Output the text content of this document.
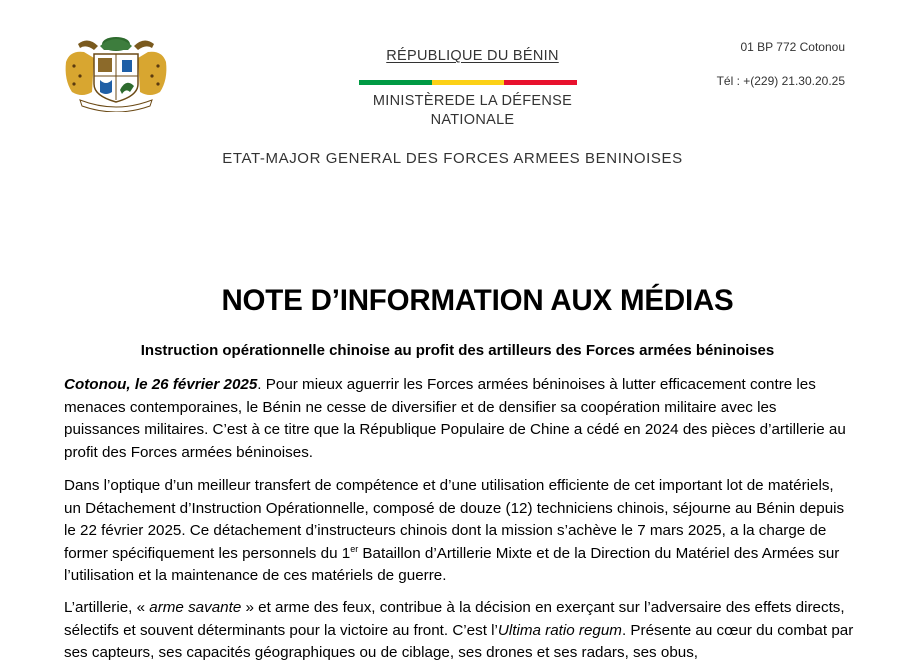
RÉPUBLIQUE DU BÉNIN
MINISTÈREDE LA DÉFENSE
NATIONALE
ETAT-MAJOR GENERAL DES FORCES ARMEES BENINOISES
01 BP 772 Cotonou
Tél : +(229) 21.30.20.25
NOTE D’INFORMATION AUX MÉDIAS
Instruction opérationnelle chinoise au profit des artilleurs des Forces armées béninoises

Cotonou, le 26 février 2025. Pour mieux aguerrir les Forces armées béninoises à lutter efficacement contre les menaces contemporaines, le Bénin ne cesse de diversifier et de densifier sa coopération militaire avec les puissances militaires. C’est à ce titre que la République Populaire de Chine a cédé en 2024 des pièces d’artillerie au profit des Forces armées béninoises.

Dans l’optique d’un meilleur transfert de compétence et d’une utilisation efficiente de cet important lot de matériels, un Détachement d’Instruction Opérationnelle, composé de douze (12) techniciens chinois, séjourne au Bénin depuis le 22 février 2025. Ce détachement d’instructeurs chinois dont la mission s’achève le 7 mars 2025, a la charge de former spécifiquement les personnels du 1er Bataillon d’Artillerie Mixte et de la Direction du Matériel des Armées sur l’utilisation et la maintenance de ces matériels de guerre.

L’artillerie, « arme savante » et arme des feux, contribue à la décision en exerçant sur l’adversaire des effets directs, sélectifs et souvent déterminants pour la victoire au front. C’est l’Ultima ratio regum. Présente au cœur du combat par ses capteurs, ses capacités géographiques ou de ciblage, ses drones et ses radars, ses obus,
